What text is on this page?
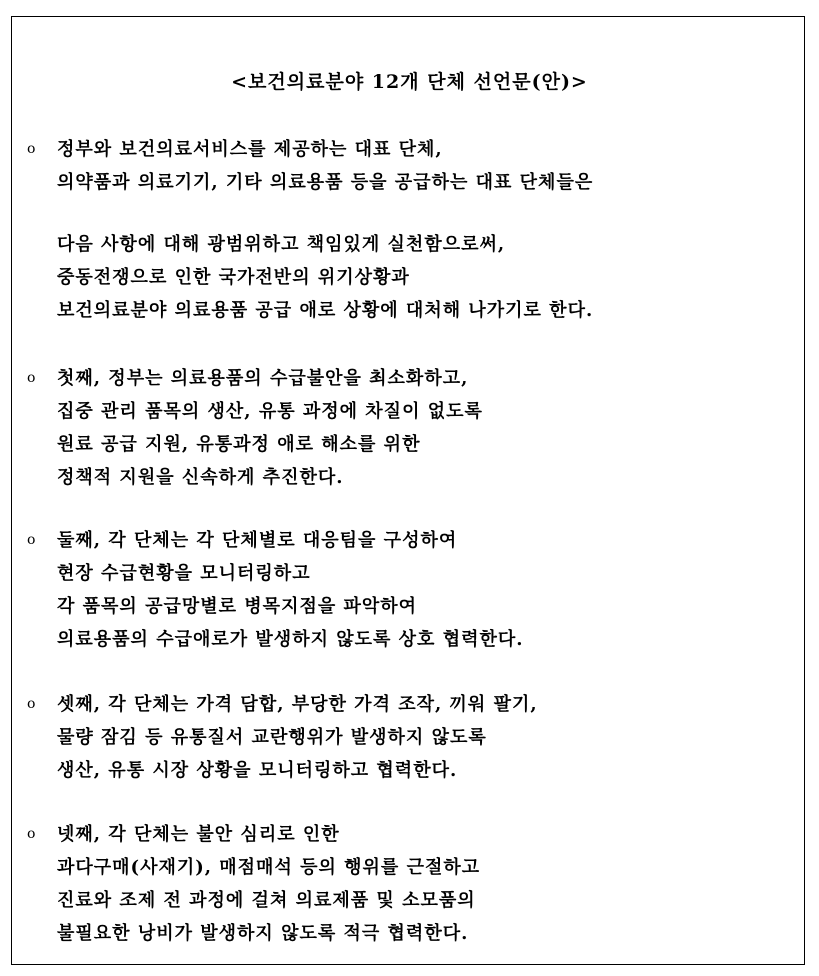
<보건의료분야 12개 단체 선언문(안)>
o 정부와 보건의료서비스를 제공하는 대표 단체,
의약품과 의료기기, 기타 의료용품 등을 공급하는 대표 단체들은
다음 사항에 대해 광범위하고 책임있게 실천함으로써,
중동전쟁으로 인한 국가전반의 위기상황과
보건의료분야 의료용품 공급 애로 상황에 대처해 나가기로 한다.
o 첫째, 정부는 의료용품의 수급불안을 최소화하고,
집중 관리 품목의 생산, 유통 과정에 차질이 없도록
원료 공급 지원, 유통과정 애로 해소를 위한
정책적 지원을 신속하게 추진한다.
o 둘째, 각 단체는 각 단체별로 대응팀을 구성하여
현장 수급현황을 모니터링하고
각 품목의 공급망별로 병목지점을 파악하여
의료용품의 수급애로가 발생하지 않도록 상호 협력한다.
o 셋째, 각 단체는 가격 담합, 부당한 가격 조작, 끼워 팔기,
물량 잠김 등 유통질서 교란행위가 발생하지 않도록
생산, 유통 시장 상황을 모니터링하고 협력한다.
o 넷째, 각 단체는 불안 심리로 인한
과다구매(사재기), 매점매석 등의 행위를 근절하고
진료와 조제 전 과정에 걸쳐 의료제품 및 소모품의
불필요한 낭비가 발생하지 않도록 적극 협력한다.
